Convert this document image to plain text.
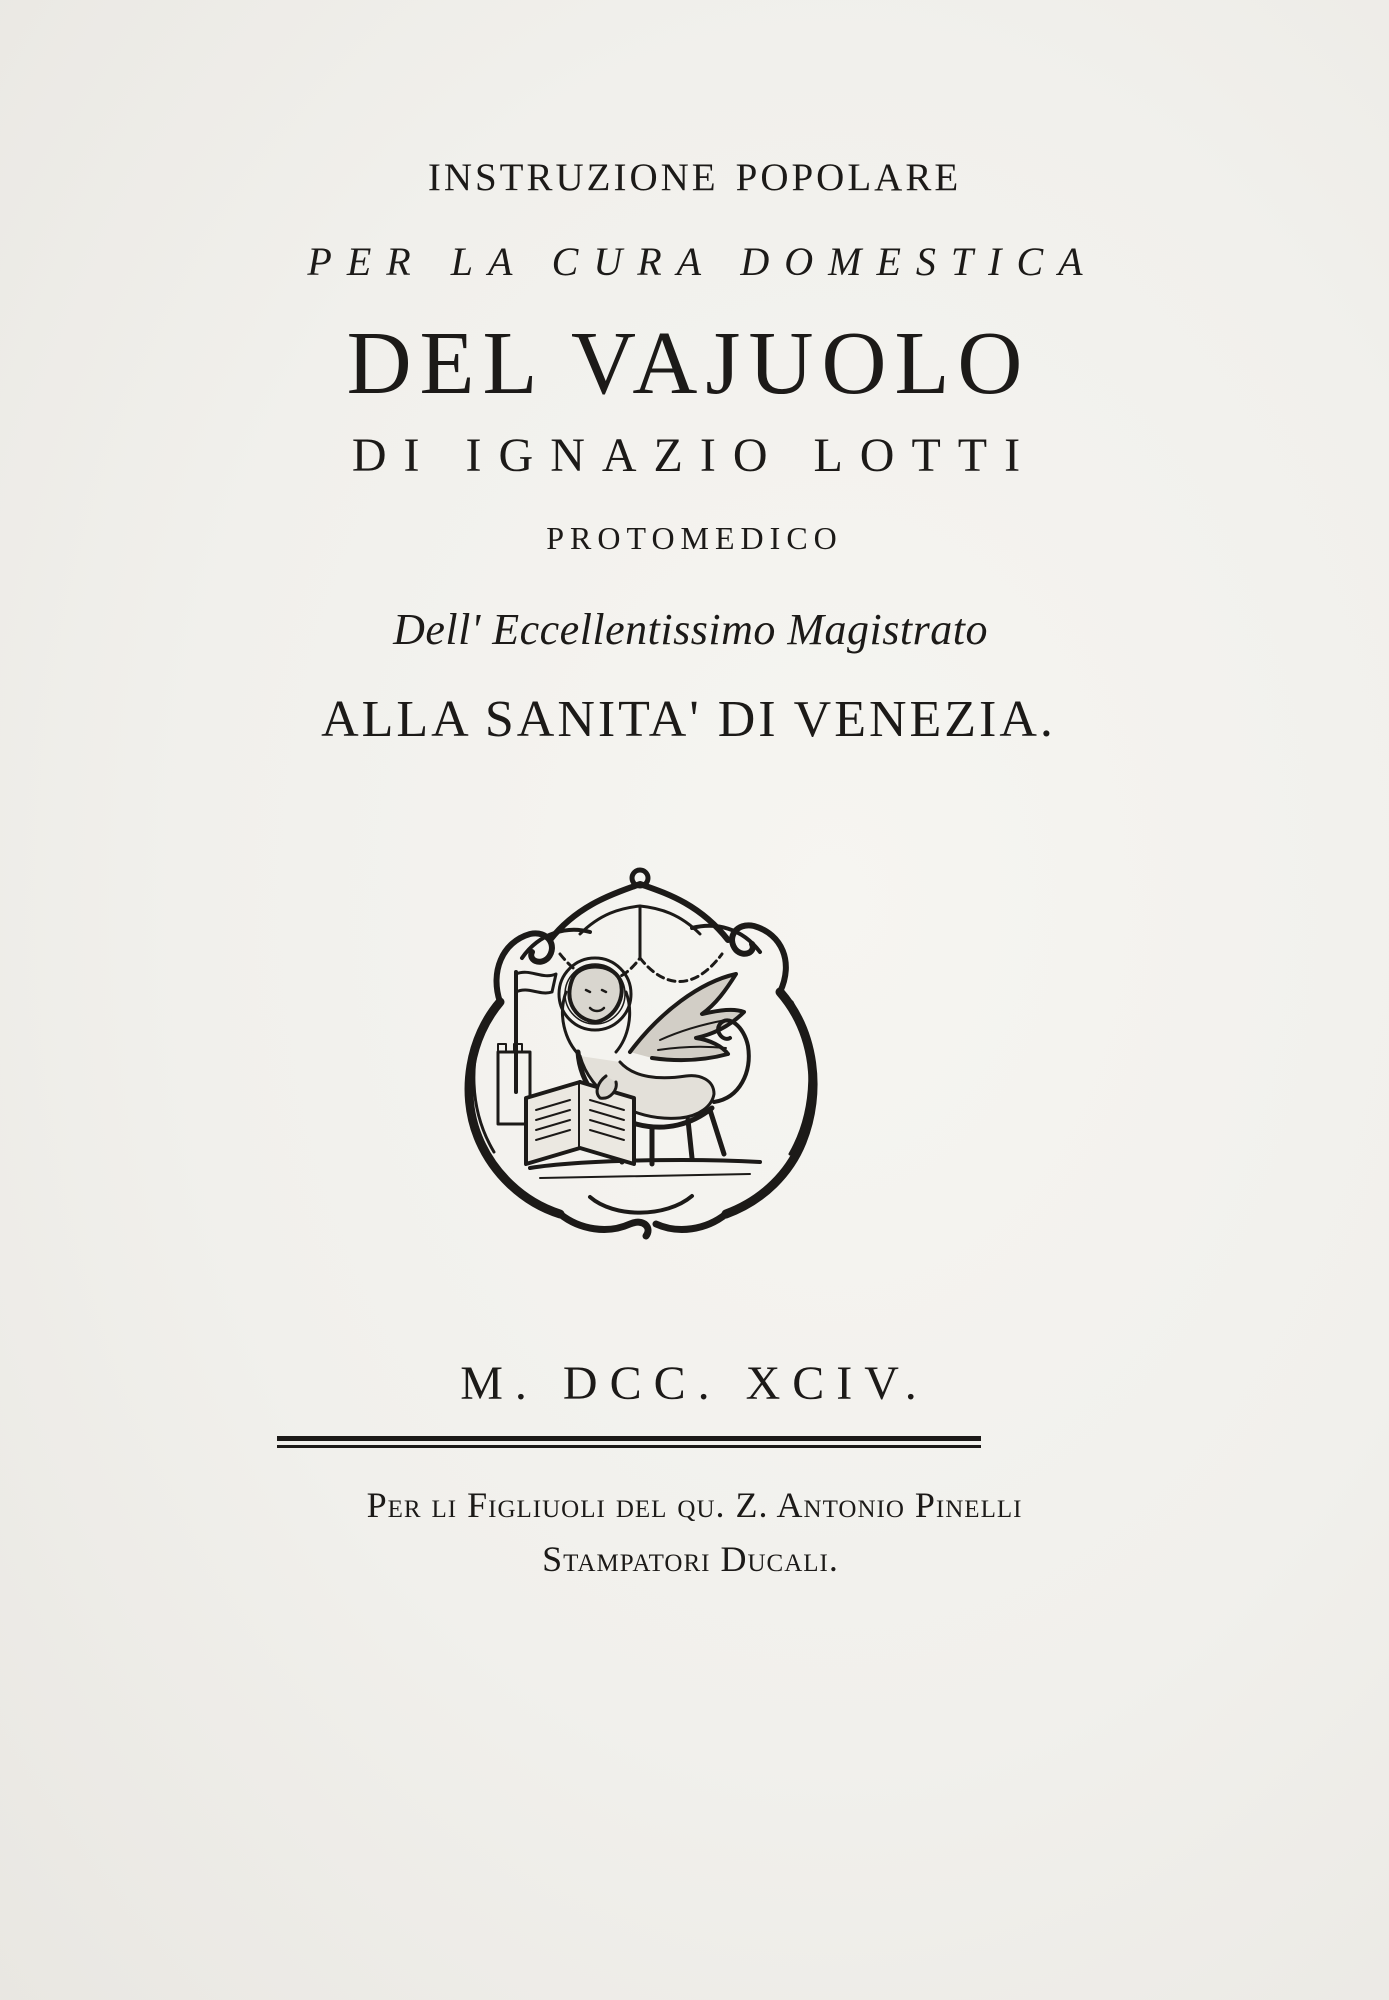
instruzione popolare
PER LA CURA DOMESTICA
DEL VAJUOLO
DI IGNAZIO LOTTI
PROTOMEDICO
Dell' Eccellentissimo Magistrato
ALLA SANITA' DI VENEZIA.
M. DCC. XCIV.
Per li Figliuoli del qu. Z. Antonio Pinelli
Stampatori Ducali.
